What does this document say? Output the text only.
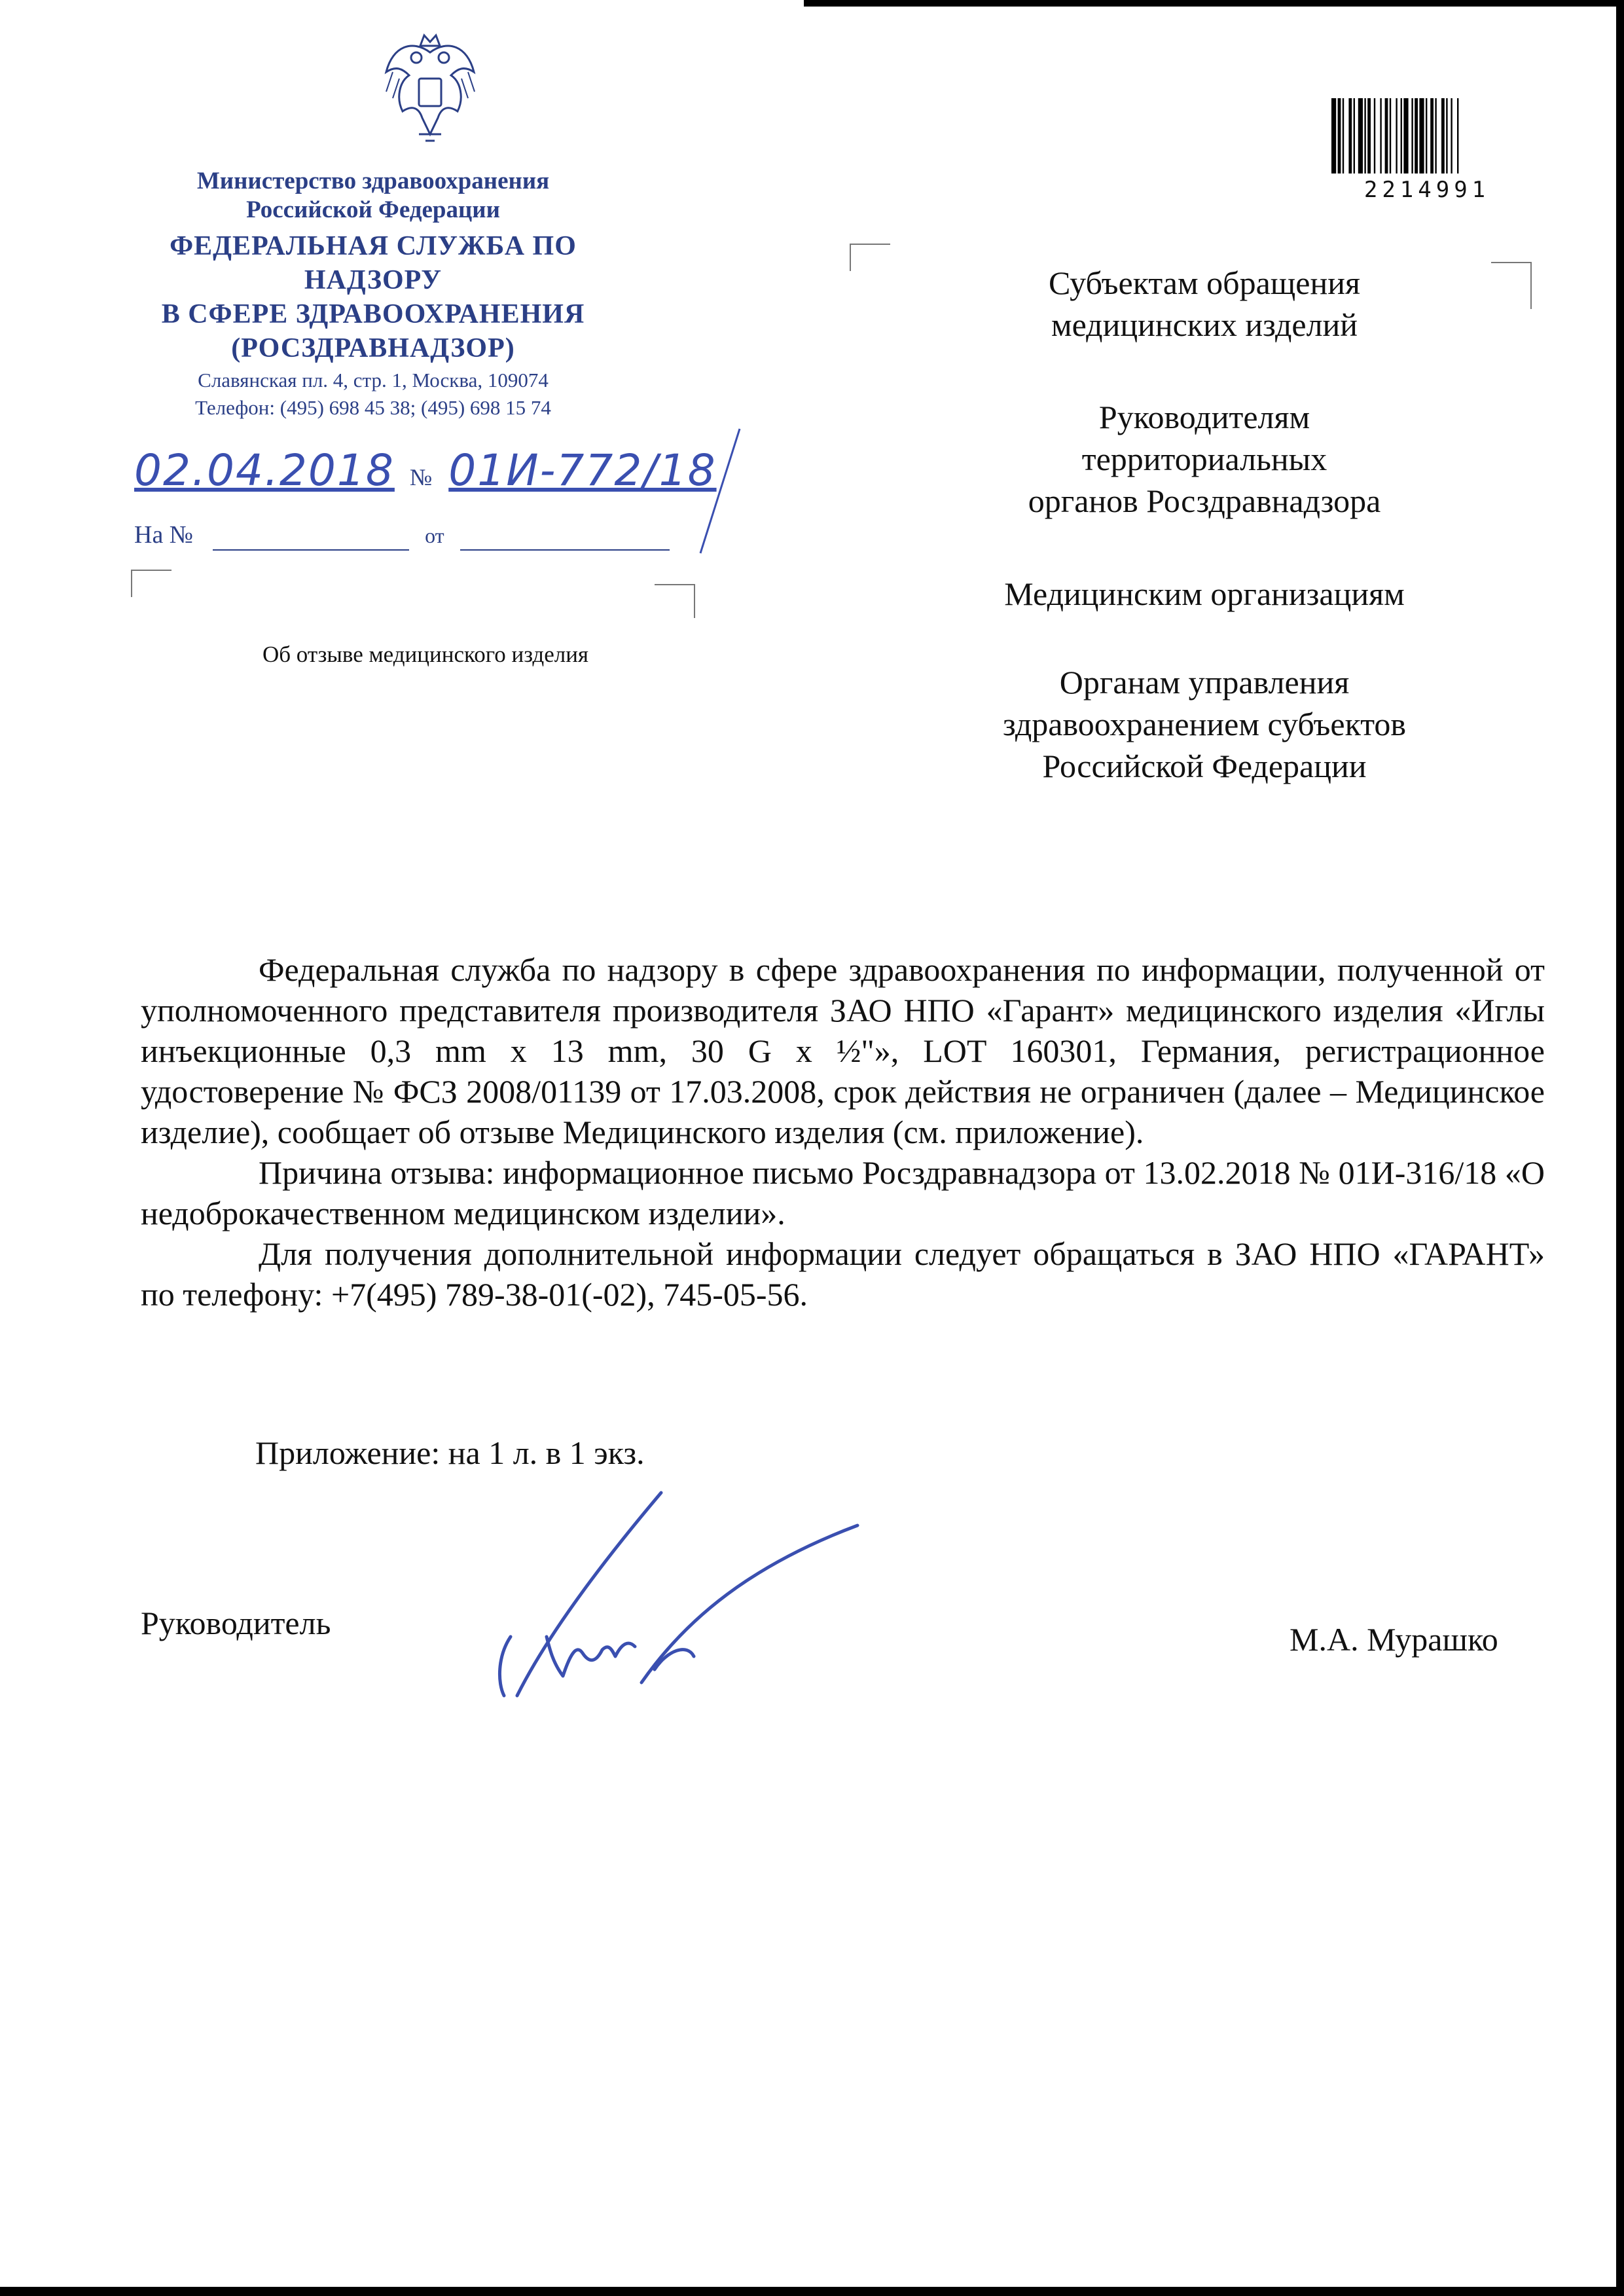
Министерство здравоохранения
Российской Федерации
ФЕДЕРАЛЬНАЯ СЛУЖБА ПО НАДЗОРУ
В СФЕРЕ ЗДРАВООХРАНЕНИЯ
(РОСЗДРАВНАДЗОР)
Славянская пл. 4, стр. 1, Москва, 109074
Телефон: (495) 698 45 38; (495) 698 15 74
02.04.2018 № 01И-772/18
На №	от
Об отзыве медицинского изделия
2214991
Субъектам обращения
медицинских изделий
Руководителям
территориальных
органов Росздравнадзора
Медицинским организациям
Органам управления
здравоохранением субъектов
Российской Федерации

Федеральная служба по надзору в сфере здравоохранения по информации, полученной от уполномоченного представителя производителя ЗАО НПО «Гарант» медицинского изделия «Иглы инъекционные 0,3 mm x 13 mm, 30 G x ½"», LOT 160301, Германия, регистрационное удостоверение № ФСЗ 2008/01139 от 17.03.2008, срок действия не ограничен (далее – Медицинское изделие), сообщает об отзыве Медицинского изделия (см. приложение).

Причина отзыва: информационное письмо Росздравнадзора от 13.02.2018 № 01И-316/18 «О недоброкачественном медицинском изделии».

Для получения дополнительной информации следует обращаться в ЗАО НПО «ГАРАНТ» по телефону: +7(495) 789-38-01(-02), 745-05-56.

Приложение: на 1 л. в 1 экз.
Руководитель	М.А. Мурашко
